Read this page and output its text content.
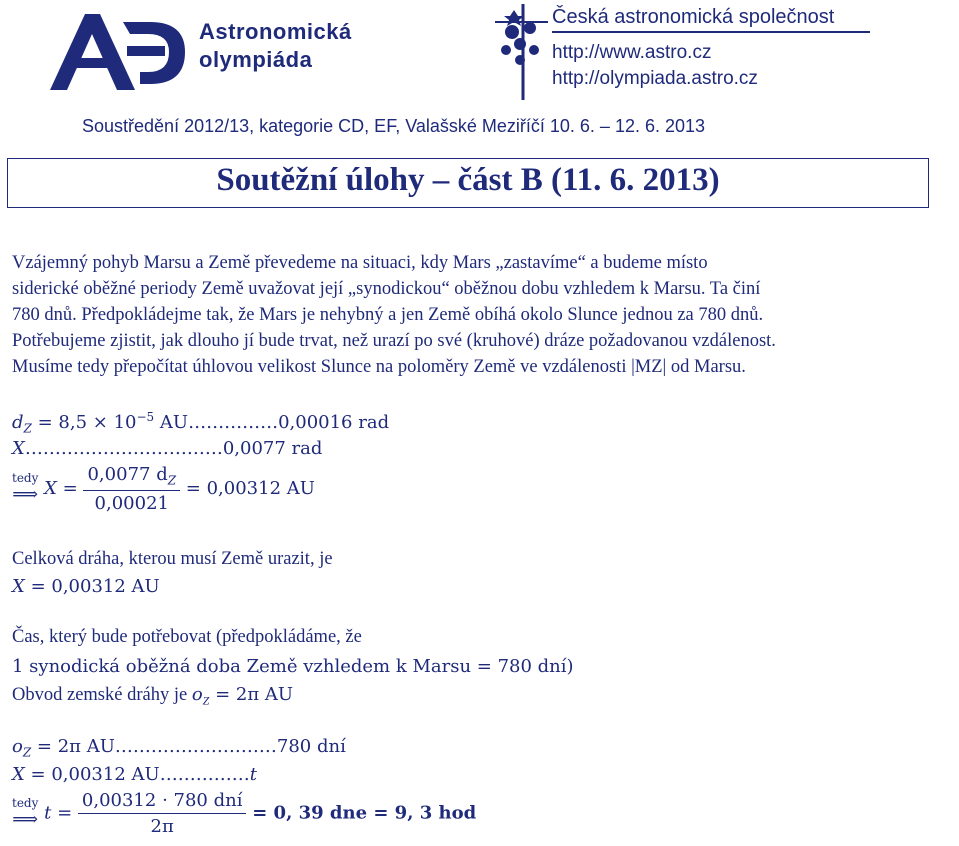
Astronomická
olympiáda
Česká astronomická společnost
http://www.astro.cz
http://olympiada.astro.cz
Soustředění 2012/13, kategorie CD, EF, Valašské Meziříčí 10. 6. – 12. 6. 2013
Soutěžní úlohy – část B (11. 6. 2013)
Vzájemný pohyb Marsu a Země převedeme na situaci, kdy Mars „zastavíme“ a budeme místo
siderické oběžné periody Země uvažovat její „synodickou“ oběžnou dobu vzhledem k Marsu. Ta činí
780 dnů. Předpokládejme tak, že Mars je nehybný a jen Země obíhá okolo Slunce jednou za 780 dnů.
Potřebujeme zjistit, jak dlouho jí bude trvat, než urazí po své (kruhové) dráze požadovanou vzdálenost.
Musíme tedy přepočítat úhlovou velikost Slunce na poloměry Země ve vzdálenosti |MZ| od Marsu.
$d_Z = 8,5 \times 10^{-5}$ AU……………0,00016 rad
X……………………………0,0077 rad
tedy
⟹ $X = \frac{0,0077 d_Z}{0,00021} = 0,00312$ AU
Celková dráha, kterou musí Země urazit, je
X = 0,00312 AU
Čas, který bude potřebovat (předpokládáme, že
1 synodická oběžná doba Země vzhledem k Marsu = 780 dní)
Obvod zemské dráhy je $o_Z = 2\pi$ AU
$o_Z = 2\pi$ AU………………………780 dní
X = 0,00312 AU……………t
tedy
⟹ $t = \frac{\text{0,00312 · 780 dní}}{2\pi} = 0$, 39 dne = 9, 3 hod
